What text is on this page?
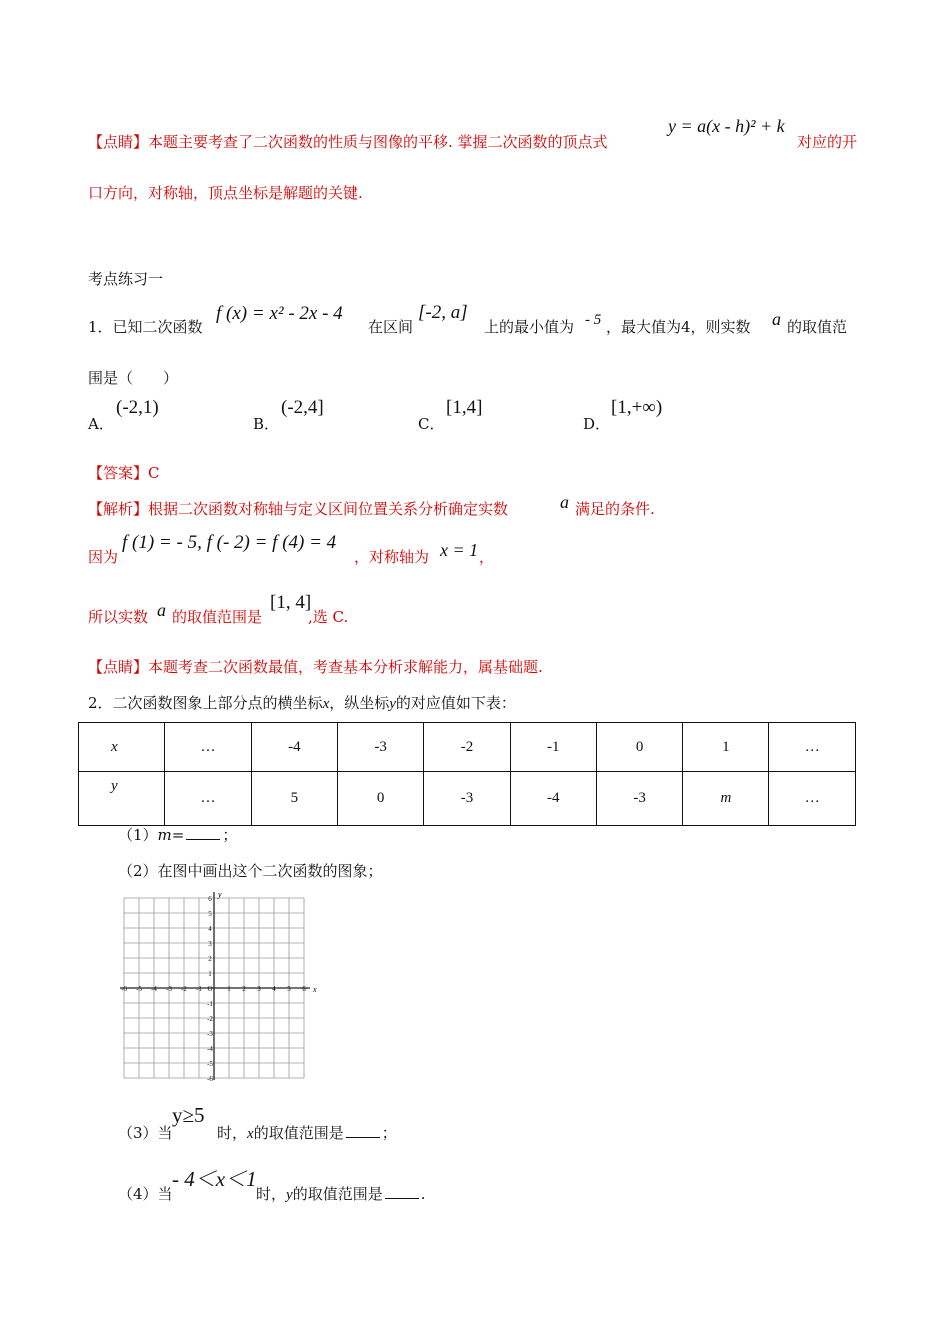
【点睛】本题主要考查了二次函数的性质与图像的平移. 掌握二次函数的顶点式
y = a(x - h)² + k
对应的开
口方向，对称轴，顶点坐标是解题的关键.
考点练习一
1．已知二次函数
f (x) = x² - 2x - 4
在区间
[-2, a]
上的最小值为 - 5 ，最大值为4，则实数 a 的取值范
围是（　　）
A．
(-2,1)
B．
(-2,4]
C．
[1,4]
D．
[1,+∞)
【答案】C
【解析】根据二次函数对称轴与定义区间位置关系分析确定实数	a 满足的条件.
因为
f (1) = - 5, f (- 2) = f (4) = 4
，对称轴为 x = 1 ，
所以实数 a 的取值范围是
[1, 4]
,选 C.
【点睛】本题考查二次函数最值，考查基本分析求解能力，属基础题.
2．二次函数图象上部分点的横坐标x，纵坐标y的对应值如下表：
x	…	-4	-3	-2	-1	0	1	…
y	…	5	0	-3	-4	-3	m	…
（1）m=	；
（2）在图中画出这个二次函数的图象；
-6 -5 -4 -3 -2 -1 O 1 2 3 4 5 6
6
5
4
3
2
1
-1
-2
-3
-4
-5
-6
x
y
（3）当
y≥5
时，x的取值范围是	；
（4）当
- 4＜x＜1
时，y的取值范围是	.
